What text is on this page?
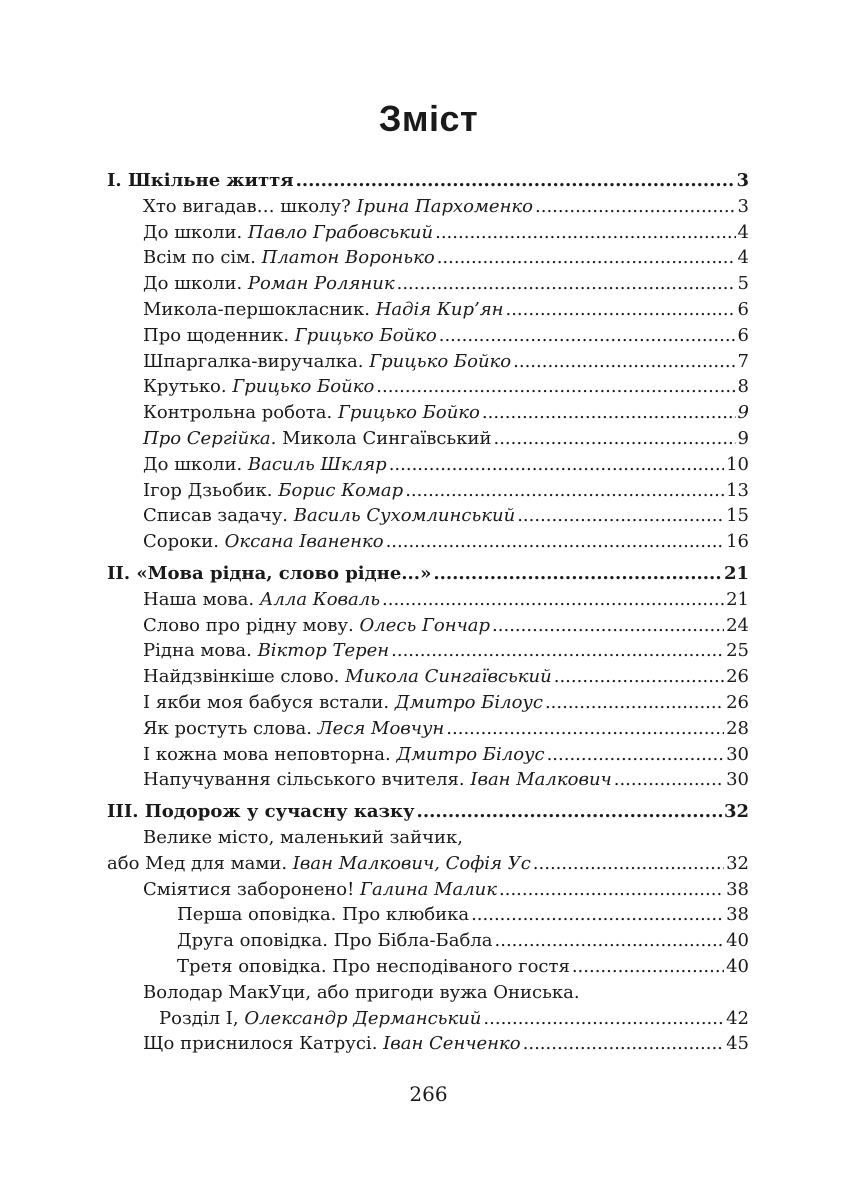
Зміст
I. Шкільне життя .....	3
Хто вигадав… школу? Ірина Пархоменко .....	3
До школи. Павло Грабовський .....	4
Всім по сім. Платон Воронько .....	4
До школи. Роман Роляник .....	5
Микола-першокласник. Надія Кир’ян .....	6
Про щоденник. Грицько Бойко .....	6
Шпаргалка-виручалка. Грицько Бойко .....	7
Крутько. Грицько Бойко .....	8
Контрольна робота. Грицько Бойко .....	9
Про Сергійка. Микола Сингаївський .....	9
До школи. Василь Шкляр .....	10
Ігор Дзьобик. Борис Комар .....	13
Списав задачу. Василь Сухомлинський .....	15
Сороки. Оксана Іваненко .....	16
II. «Мова рідна, слово рідне...» .....	21
Наша мова. Алла Коваль .....	21
Слово про рідну мову. Олесь Гончар .....	24
Рідна мова. Віктор Терен .....	25
Найдзвінкіше слово. Микола Сингаївський .....	26
І якби моя бабуся встали. Дмитро Білоус .....	26
Як ростуть слова. Леся Мовчун .....	28
І кожна мова неповторна. Дмитро Білоус .....	30
Напучування сільського вчителя. Іван Малкович .....	30
III. Подорож у сучасну казку .....	32
Велике місто, маленький зайчик,
або Мед для мами. Іван Малкович, Софія Ус .....	32
Сміятися заборонено! Галина Малик .....	38
Перша оповідка. Про клюбика .....	38
Друга оповідка. Про Бібла-Бабла .....	40
Третя оповідка. Про несподіваного гостя .....	40
Володар МакУци, або пригоди вужа Ониська.
Розділ І, Олександр Дерманський .....	42
Що приснилося Катрусі. Іван Сенченко .....	45
266
